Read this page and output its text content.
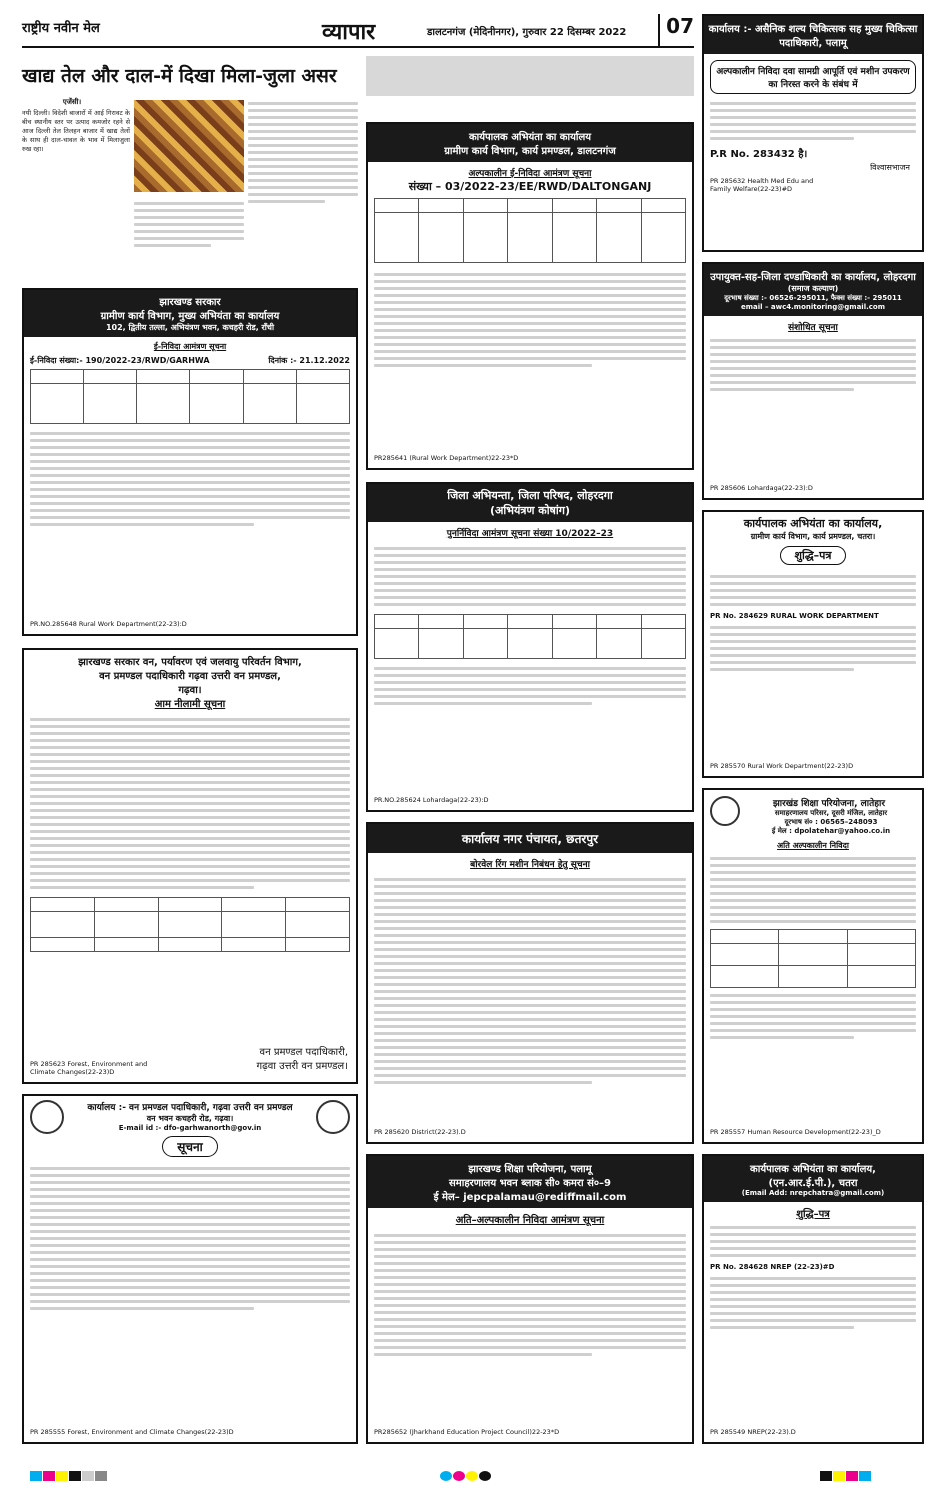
राष्ट्रीय नवीन मेल	व्यापार	डालटनगंज (मेदिनीनगर), गुरुवार 22 दिसम्बर 2022	07
खाद्य तेल और दाल-में दिखा मिला-जुला असर
एजेंसी।
नयी दिल्ली। विदेशी बाजारों में आई गिरावट के बीच स्थानीय स्तर पर उत्पाद कमजोर रहने से आज दिल्ली तेल तिलहन बाजार में खाद्य तेलों के साथ ही दाल-चावल के भाव में मिलाजुला रुख रहा।
झारखण्ड सरकार
ग्रामीण कार्य विभाग, मुख्य अभियंता का कार्यालय
102, द्वितीय तल्ला, अभियंत्रण भवन, कचहरी रोड, राँची
ई-निविदा आमंत्रण सूचना
ई-निविदा संख्या:- 190/2022-23/RWD/GARHWA	दिनांक :- 21.12.2022

PR.NO.285648 Rural Work Department(22-23):D
झारखण्ड सरकार वन, पर्यावरण एवं जलवायु परिवर्तन विभाग,
वन प्रमण्डल पदाधिकारी गढ़वा उत्तरी वन प्रमण्डल,
गढ़वा।
आम नीलामी सूचना

वन प्रमण्डल पदाधिकारी,
गढ़वा उत्तरी वन प्रमण्डल।
PR 285623 Forest, Environment and Climate Changes(22-23)D
कार्यालय :- वन प्रमण्डल पदाधिकारी, गढ़वा उत्तरी वन प्रमण्डल
वन भवन कचहरी रोड, गढ़वा।
E-mail id :- dfo-garhwanorth@gov.in
सूचना
PR 285555 Forest, Environment and Climate Changes(22-23)D
कार्यपालक अभियंता का कार्यालय
ग्रामीण कार्य विभाग, कार्य प्रमण्डल, डालटनगंज
अल्पकालीन ई-निविदा आमंत्रण सूचना
संख्या – 03/2022-23/EE/RWD/DALTONGANJ

PR285641 (Rural Work Department)22-23*D
जिला अभियन्ता, जिला परिषद, लोहरदगा
(अभियंत्रण कोषांग)
पुनर्निविदा आमंत्रण सूचना संख्या 10/2022–23

PR.NO.285624 Lohardaga(22-23):D
कार्यालय नगर पंचायत, छतरपुर
बोरवेल रिंग मशीन निबंधन हेतु सूचना
PR 285620 District(22-23).D
झारखण्ड शिक्षा परियोजना, पलामू
समाहरणालय भवन ब्लाक सी० कमरा सं०–9
ई मेल– jepcpalamau@rediffmail.com
अति–अल्पकालीन निविदा आमंत्रण सूचना
PR285652 (Jharkhand Education Project Council)22-23*D
कार्यालय :- असैनिक शल्य चिकित्सक सह मुख्य चिकित्सा पदाधिकारी, पलामू
अल्पकालीन निविदा दवा सामग्री आपूर्ति एवं मशीन उपकरण का निरस्त करने के संबंध में
P.R No. 283432 है।
विश्वासभाजन
PR 285632 Health Med Edu and Family Welfare(22-23)#D
उपायुक्त-सह-जिला दण्डाधिकारी का कार्यालय, लोहरदगा
(समाज कल्याण)
दूरभाष संख्या :- 06526-295011, फैक्स संख्या :- 295011
email – awc4.monitoring@gmail.com
संशोधित सूचना
PR 285606 Lohardaga(22-23):D
कार्यपालक अभियंता का कार्यालय,
ग्रामीण कार्य विभाग, कार्य प्रमण्डल, चतरा।
शुद्धि–पत्र
PR No. 284629 RURAL WORK DEPARTMENT
PR 285570 Rural Work Department(22-23)D
झारखंड शिक्षा परियोजना, लातेहार
समाहरणालय परिसर, दूसरी मंजिल, लातेहार
दूरभाष सं० : 06565–248093
ई मेल : dpolatehar@yahoo.co.in
अति अल्पकालीन निविदा

PR 285557 Human Resource Development(22-23)_D
कार्यपालक अभियंता का कार्यालय,
(एन.आर.ई.पी.), चतरा
(Email Add: nrepchatra@gmail.com)
शुद्धि–पत्र
PR No. 284628 NREP (22-23)#D
PR 285549 NREP(22-23).D
